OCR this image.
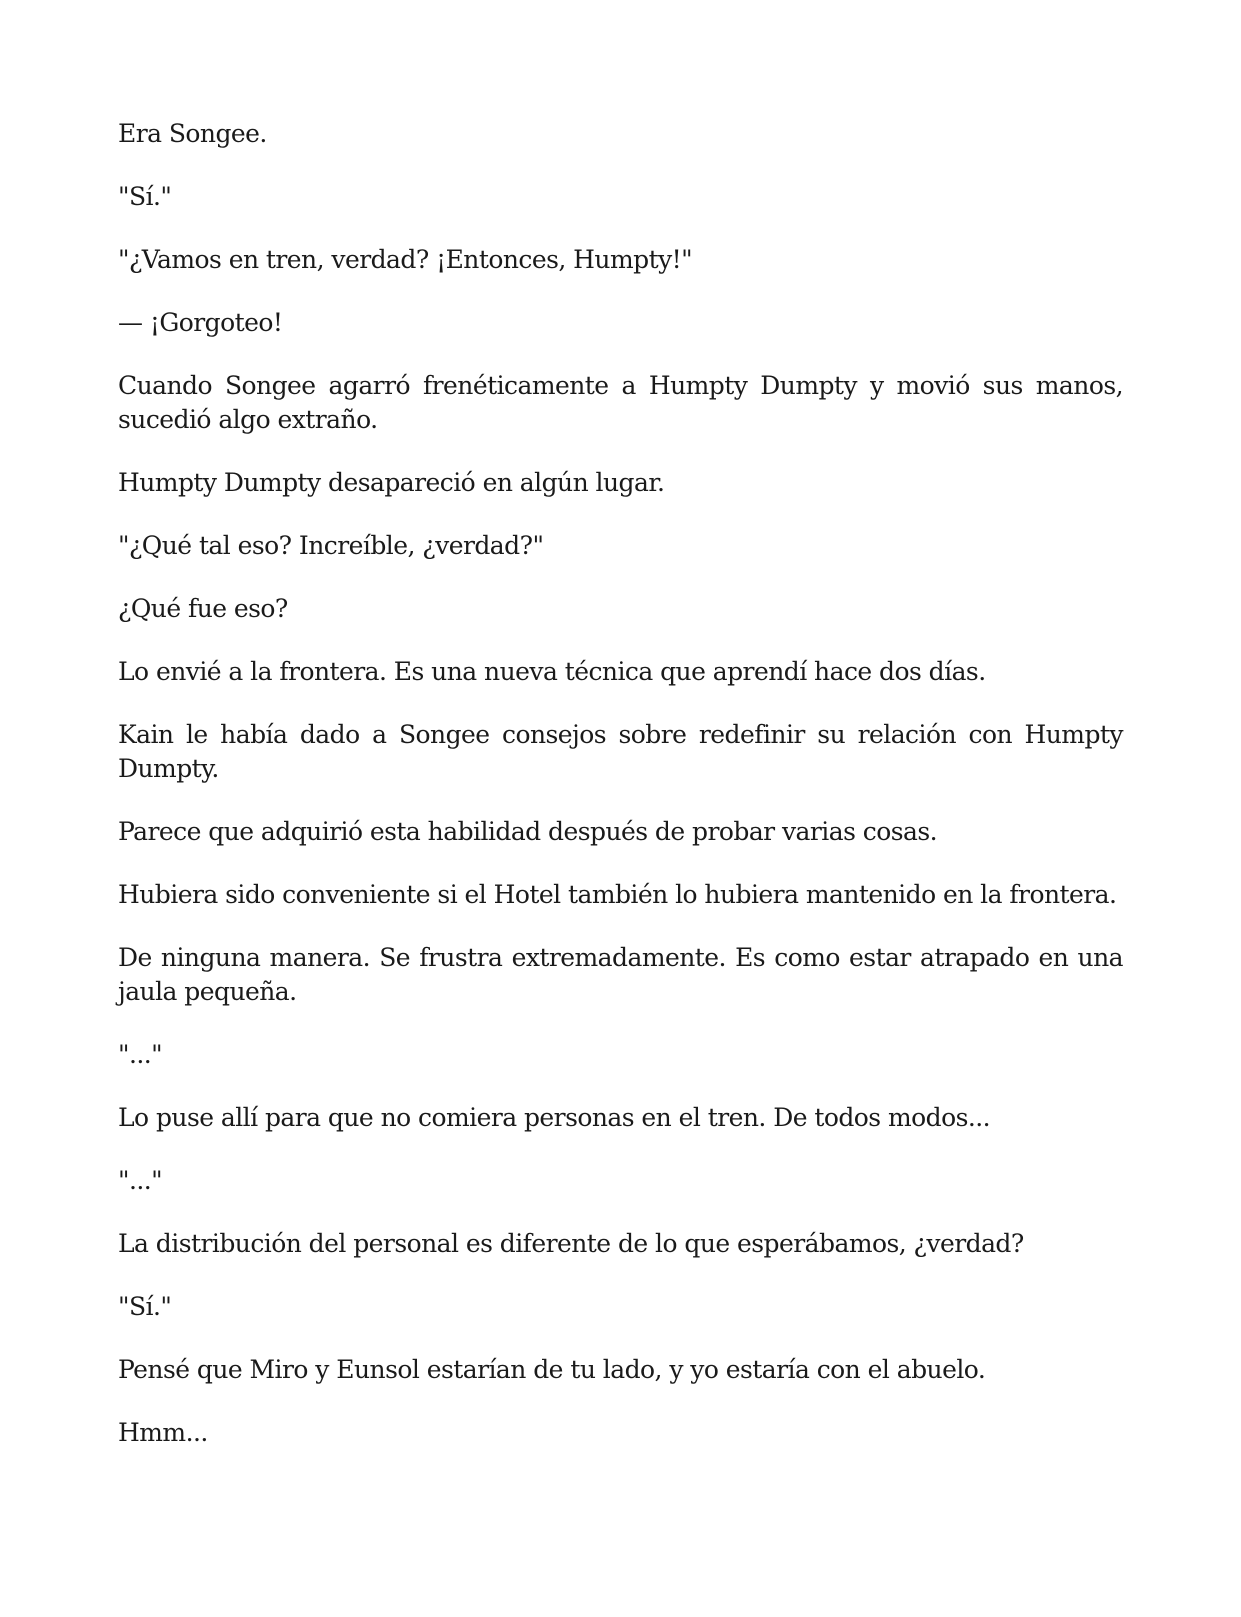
Era Songee.

"Sí."

"¿Vamos en tren, verdad? ¡Entonces, Humpty!"

— ¡Gorgoteo!

Cuando Songee agarró frenéticamente a Humpty Dumpty y movió sus manos, sucedió algo extraño.

Humpty Dumpty desapareció en algún lugar.

"¿Qué tal eso? Increíble, ¿verdad?"

¿Qué fue eso?

Lo envié a la frontera. Es una nueva técnica que aprendí hace dos días.

Kain le había dado a Songee consejos sobre redefinir su relación con Humpty Dumpty.

Parece que adquirió esta habilidad después de probar varias cosas.

Hubiera sido conveniente si el Hotel también lo hubiera mantenido en la frontera.

De ninguna manera. Se frustra extremadamente. Es como estar atrapado en una jaula pequeña.

"..."

Lo puse allí para que no comiera personas en el tren. De todos modos...

"..."

La distribución del personal es diferente de lo que esperábamos, ¿verdad?

"Sí."

Pensé que Miro y Eunsol estarían de tu lado, y yo estaría con el abuelo.

Hmm...
